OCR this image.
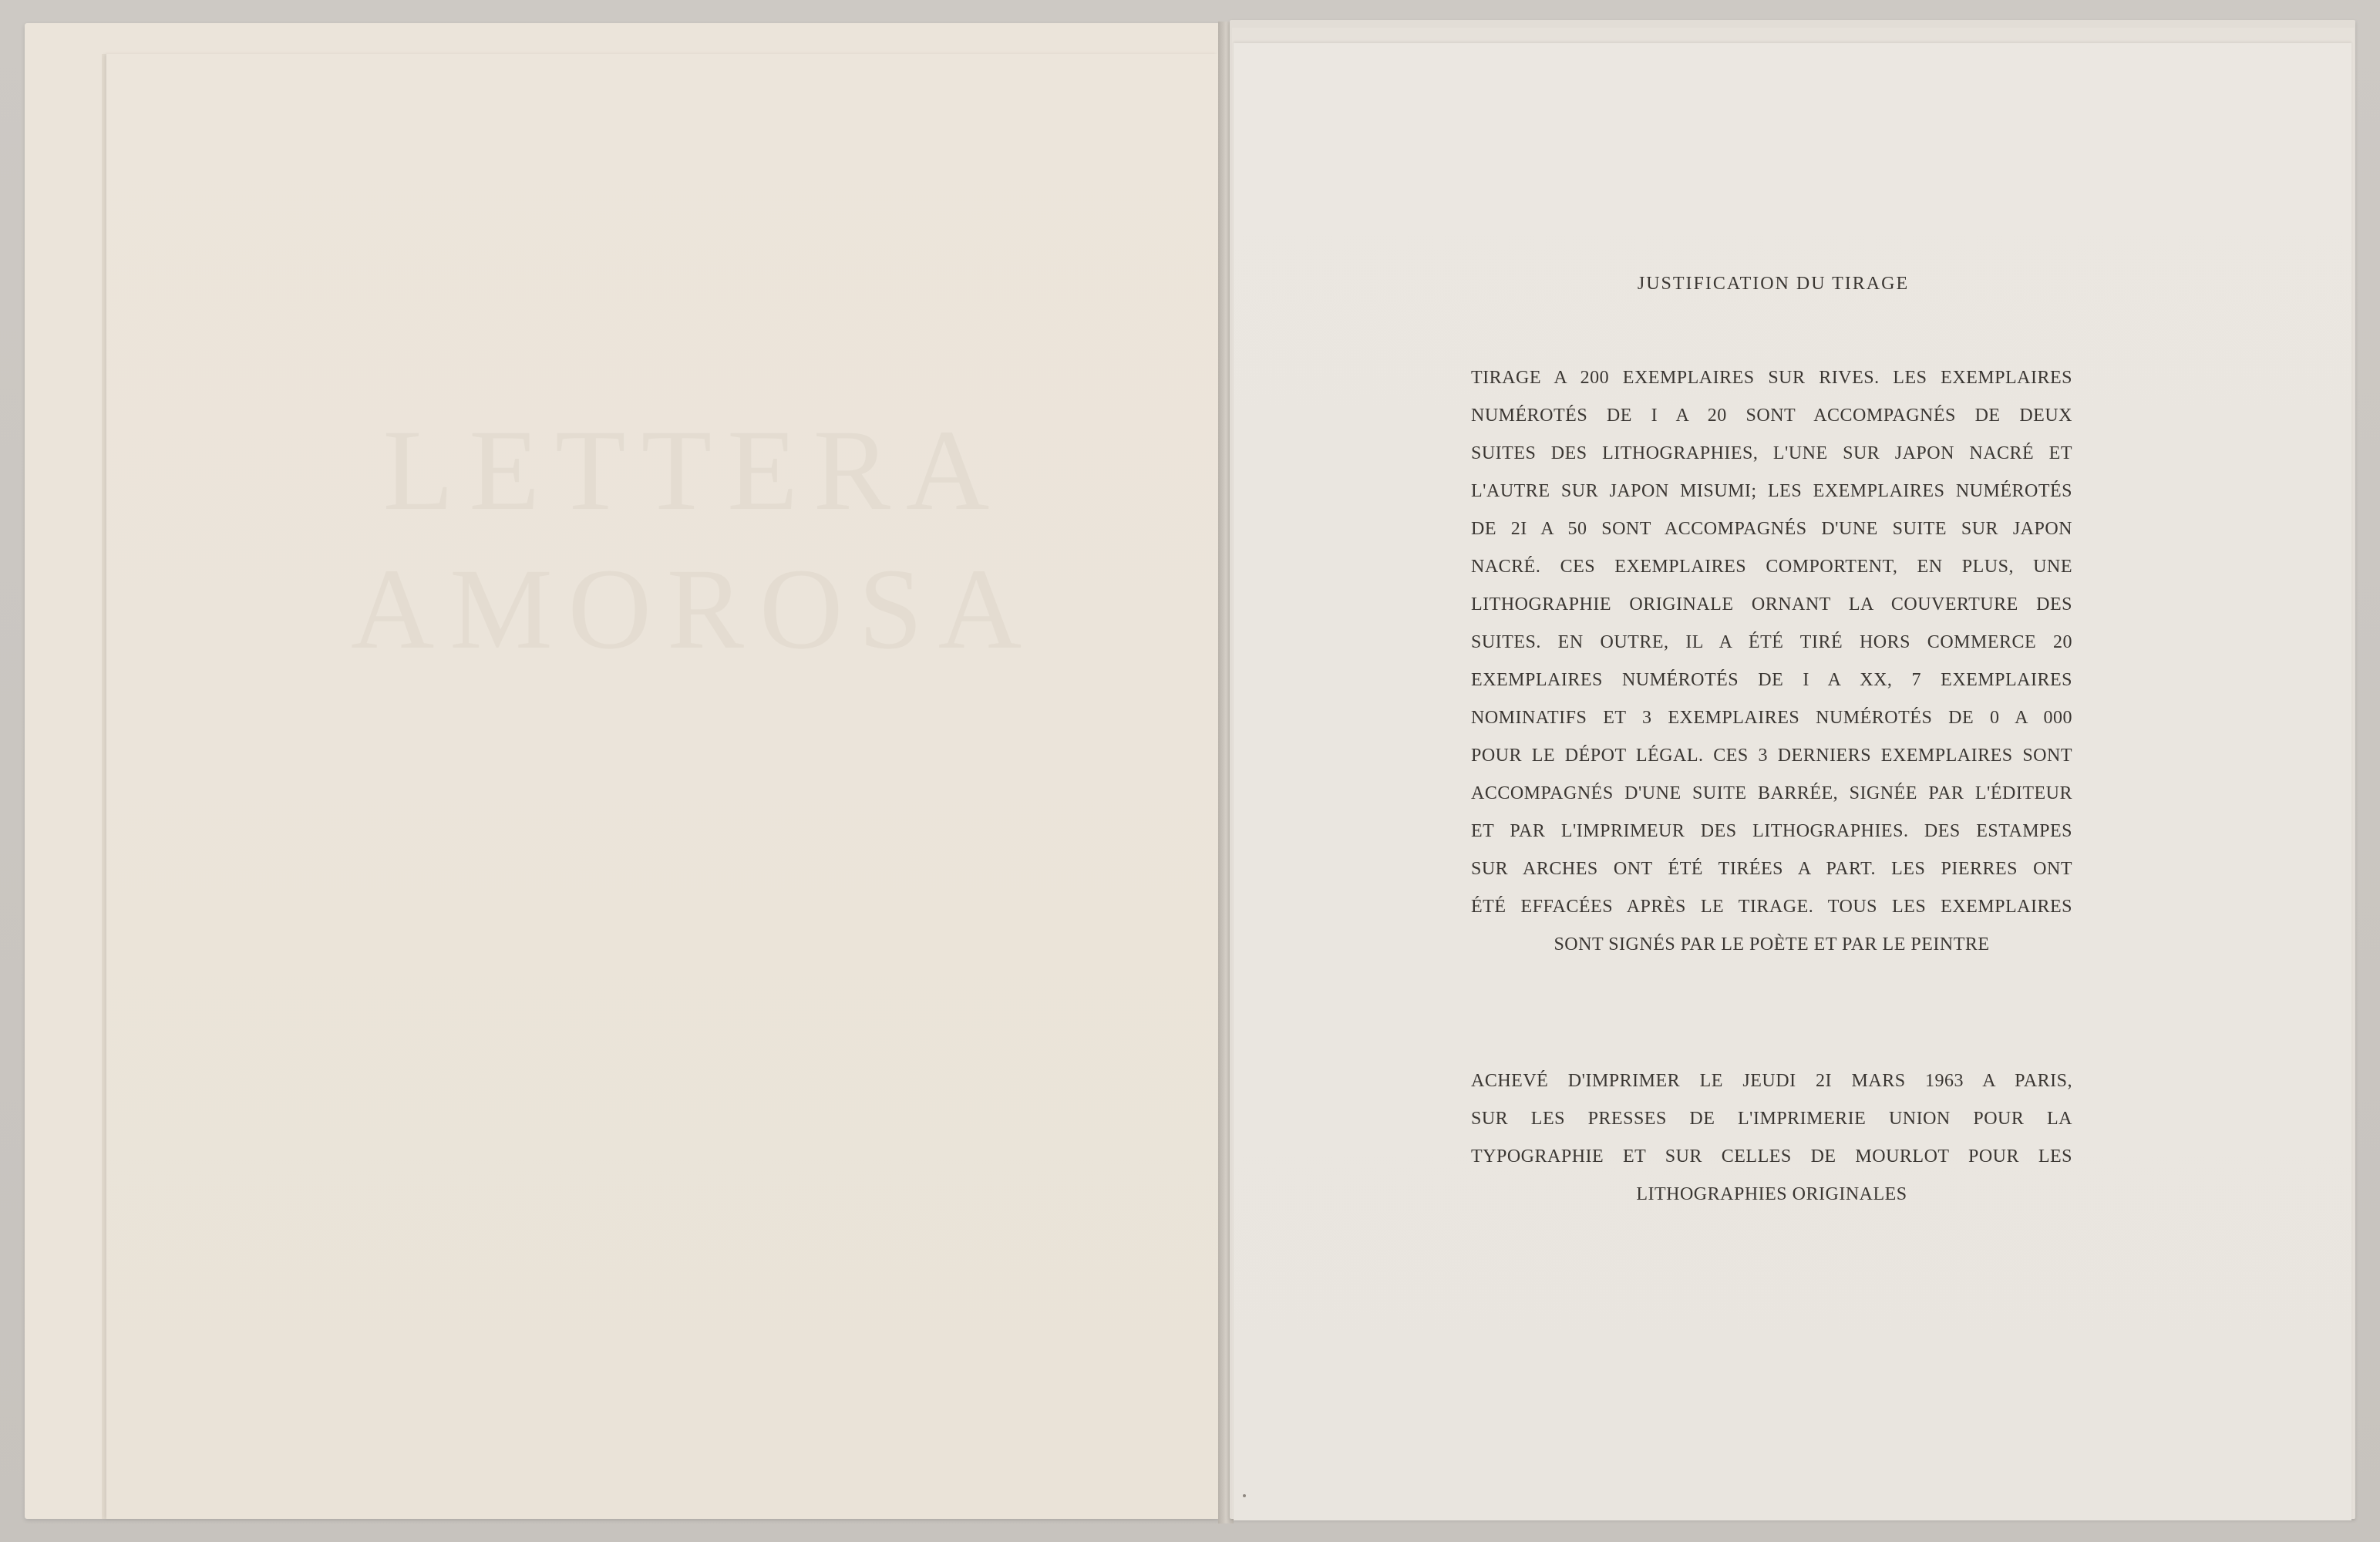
LETTERA
AMOROSA
JUSTIFICATION DU TIRAGE
TIRAGE A 200 EXEMPLAIRES SUR RIVES. LES EXEMPLAIRES
NUMÉROTÉS DE I A 20 SONT ACCOMPAGNÉS DE DEUX
SUITES DES LITHOGRAPHIES, L'UNE SUR JAPON NACRÉ ET
L'AUTRE SUR JAPON MISUMI; LES EXEMPLAIRES NUMÉROTÉS
DE 2I A 50 SONT ACCOMPAGNÉS D'UNE SUITE SUR JAPON
NACRÉ. CES EXEMPLAIRES COMPORTENT, EN PLUS, UNE
LITHOGRAPHIE ORIGINALE ORNANT LA COUVERTURE DES
SUITES. EN OUTRE, IL A ÉTÉ TIRÉ HORS COMMERCE 20
EXEMPLAIRES NUMÉROTÉS DE I A XX, 7 EXEMPLAIRES
NOMINATIFS ET 3 EXEMPLAIRES NUMÉROTÉS DE 0 A 000
POUR LE DÉPOT LÉGAL. CES 3 DERNIERS EXEMPLAIRES SONT
ACCOMPAGNÉS D'UNE SUITE BARRÉE, SIGNÉE PAR L'ÉDITEUR
ET PAR L'IMPRIMEUR DES LITHOGRAPHIES. DES ESTAMPES
SUR ARCHES ONT ÉTÉ TIRÉES A PART. LES PIERRES ONT
ÉTÉ EFFACÉES APRÈS LE TIRAGE. TOUS LES EXEMPLAIRES
SONT SIGNÉS PAR LE POÈTE ET PAR LE PEINTRE
ACHEVÉ D'IMPRIMER LE JEUDI 2I MARS 1963 A PARIS,
SUR LES PRESSES DE L'IMPRIMERIE UNION POUR LA
TYPOGRAPHIE ET SUR CELLES DE MOURLOT POUR LES
LITHOGRAPHIES ORIGINALES
